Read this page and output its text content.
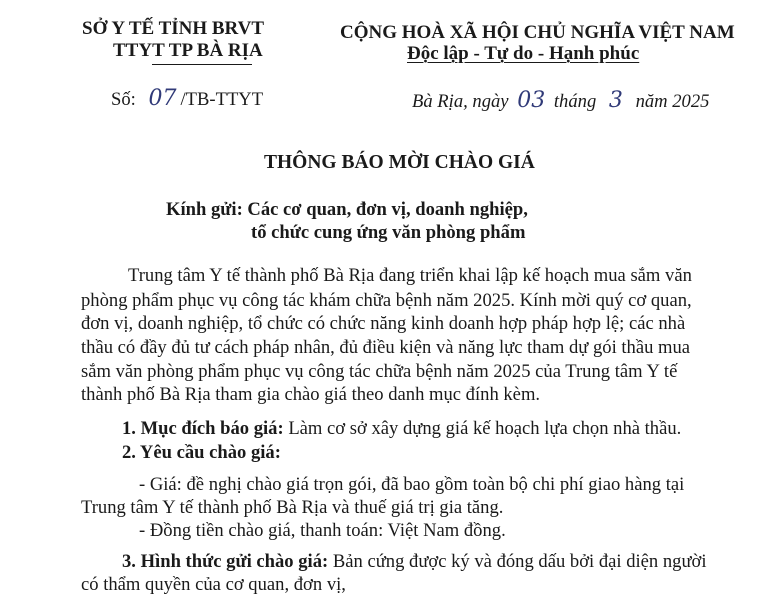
SỞ Y TẾ TỈNH BRVT
TTYT TP BÀ RỊA
CỘNG HOÀ XÃ HỘI CHỦ NGHĨA VIỆT NAM
Độc lập - Tự do - Hạnh phúc
Số: 07 /TB-TTYT	Bà Rịa, ngày 03 tháng 3 năm 2025
THÔNG BÁO MỜI CHÀO GIÁ
Kính gửi: Các cơ quan, đơn vị, doanh nghiệp,
tổ chức cung ứng văn phòng phẩm
Trung tâm Y tế thành phố Bà Rịa đang triển khai lập kế hoạch mua sắm văn
phòng phẩm phục vụ công tác khám chữa bệnh năm 2025. Kính mời quý cơ quan,
đơn vị, doanh nghiệp, tổ chức có chức năng kinh doanh hợp pháp hợp lệ; các nhà
thầu có đầy đủ tư cách pháp nhân, đủ điều kiện và năng lực tham dự gói thầu mua
sắm văn phòng phẩm phục vụ công tác chữa bệnh năm 2025 của Trung tâm Y tế
thành phố Bà Rịa tham gia chào giá theo danh mục đính kèm.
1. Mục đích báo giá: Làm cơ sở xây dựng giá kế hoạch lựa chọn nhà thầu.
2. Yêu cầu chào giá:
- Giá: đề nghị chào giá trọn gói, đã bao gồm toàn bộ chi phí giao hàng tại
Trung tâm Y tế thành phố Bà Rịa và thuế giá trị gia tăng.
- Đồng tiền chào giá, thanh toán: Việt Nam đồng.
3. Hình thức gửi chào giá: Bản cứng được ký và đóng dấu bởi đại diện người
có thẩm quyền của cơ quan, đơn vị,
